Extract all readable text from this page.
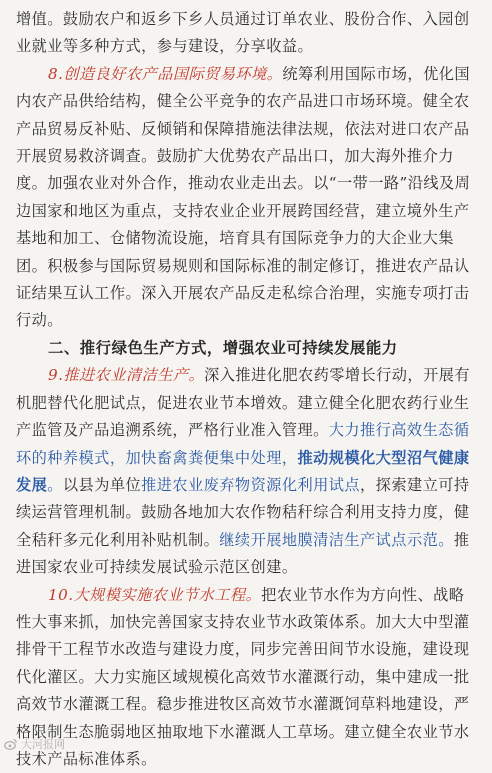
增值。鼓励农户和返乡下乡人员通过订单农业、股份合作、入园创业就业等多种方式，参与建设，分享收益。

8.创造良好农产品国际贸易环境。统筹利用国际市场，优化国内农产品供给结构，健全公平竞争的农产品进口市场环境。健全农产品贸易反补贴、反倾销和保障措施法律法规，依法对进口农产品开展贸易救济调查。鼓励扩大优势农产品出口，加大海外推介力度。加强农业对外合作，推动农业走出去。以“一带一路”沿线及周边国家和地区为重点，支持农业企业开展跨国经营，建立境外生产基地和加工、仓储物流设施，培育具有国际竞争力的大企业大集团。积极参与国际贸易规则和国际标准的制定修订，推进农产品认证结果互认工作。深入开展农产品反走私综合治理，实施专项打击行动。

二、推行绿色生产方式，增强农业可持续发展能力

9.推进农业清洁生产。深入推进化肥农药零增长行动，开展有机肥替代化肥试点，促进农业节本增效。建立健全化肥农药行业生产监管及产品追溯系统，严格行业准入管理。大力推行高效生态循环的种养模式，加快畜禽粪便集中处理，推动规模化大型沼气健康发展。以县为单位推进农业废弃物资源化利用试点，探索建立可持续运营管理机制。鼓励各地加大农作物秸秆综合利用支持力度，健全秸秆多元化利用补贴机制。继续开展地膜清洁生产试点示范。推进国家农业可持续发展试验示范区创建。

10.大规模实施农业节水工程。把农业节水作为方向性、战略性大事来抓，加快完善国家支持农业节水政策体系。加大大中型灌排骨干工程节水改造与建设力度，同步完善田间节水设施，建设现代化灌区。大力实施区域规模化高效节水灌溉行动，集中建成一批高效节水灌溉工程。稳步推进牧区高效节水灌溉饲草料地建设，严格限制生态脆弱地区抽取地下水灌溉人工草场。建立健全农业节水技术产品标准体系。

大河报网
